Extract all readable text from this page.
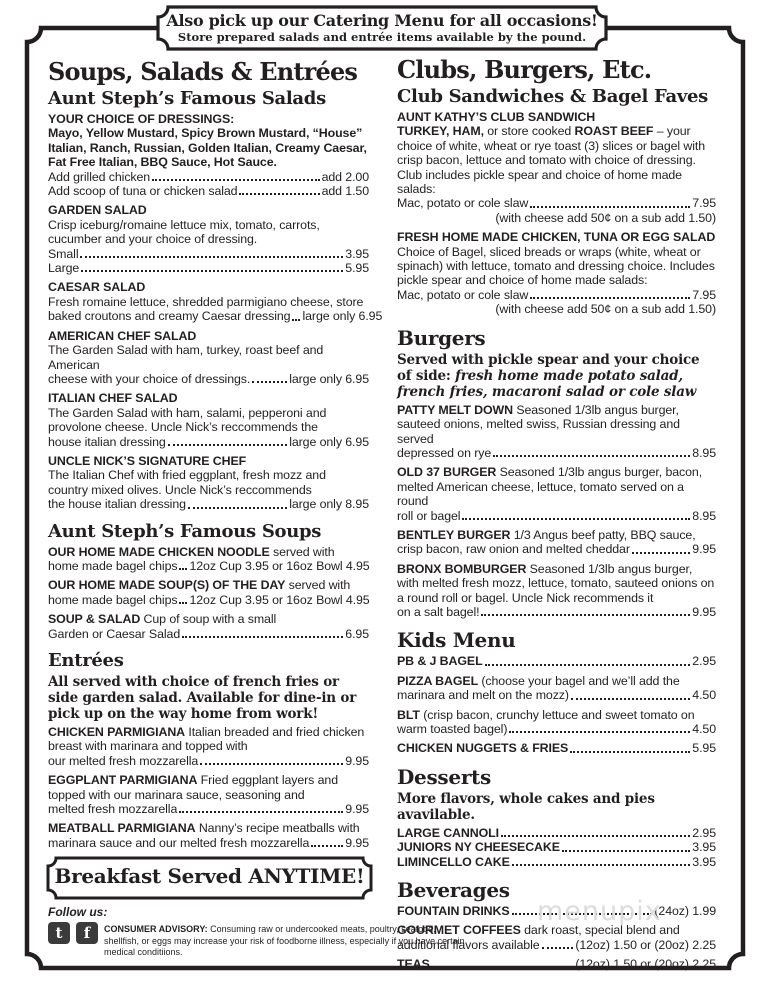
Also pick up our Catering Menu for all occasions!
Store prepared salads and entrée items available by the pound.
Soups, Salads & Entrées
Aunt Steph’s Famous Salads

YOUR CHOICE OF DRESSINGS:

Mayo, Yellow Mustard, Spicy Brown Mustard, “House” Italian, Ranch, Russian, Golden Italian, Creamy Caesar, Fat Free Italian, BBQ Sauce, Hot Sauce.

Add grilled chicken	add 2.00
Add scoop of tuna or chicken salad	add 1.50

GARDEN SALAD
Crisp iceburg/romaine lettuce mix, tomato, carrots, cucumber and your choice of dressing.

Small	3.95
Large	5.95

CAESAR SALAD
Fresh romaine lettuce, shredded parmigiano cheese, store

baked croutons and creamy Caesar dressing large only 6.95

AMERICAN CHEF SALAD
The Garden Salad with ham, turkey, roast beef and American

cheese with your choice of dressings.	large only 6.95

ITALIAN CHEF SALAD
The Garden Salad with ham, salami, pepperoni and provolone cheese. Uncle Nick’s reccommends the

house italian dressing	large only 6.95

UNCLE NICK’S SIGNATURE CHEF
The Italian Chef with fried eggplant, fresh mozz and country mixed olives. Uncle Nick’s reccommends

the house italian dressing	large only 8.95
Aunt Steph’s Famous Soups

OUR HOME MADE CHICKEN NOODLE served with

home made bagel chips 12oz Cup 3.95 or 16oz Bowl 4.95

OUR HOME MADE SOUP(S) OF THE DAY served with

home made bagel chips 12oz Cup 3.95 or 16oz Bowl 4.95

SOUP & SALAD Cup of soup with a small

Garden or Caesar Salad	6.95
Entrées

All served with choice of french fries or side garden salad. Available for dine-in or pick up on the way home from work!

CHICKEN PARMIGIANA Italian breaded and fried chicken breast with marinara and topped with

our melted fresh mozzarella	9.95

EGGPLANT PARMIGIANA Fried eggplant layers and topped with our marinara sauce, seasoning and

melted fresh mozzarella	9.95

MEATBALL PARMIGIANA Nanny’s recipe meatballs with

marinara sauce and our melted fresh mozzarella	9.95
Clubs, Burgers, Etc.
Club Sandwiches & Bagel Faves

AUNT KATHY’S CLUB SANDWICH

TURKEY, HAM, or store cooked ROAST BEEF – your choice of white, wheat or rye toast (3) slices or bagel with crisp bacon, lettuce and tomato with choice of dressing. Club includes pickle spear and choice of home made salads:

Mac, potato or cole slaw	7.95

(with cheese add 50¢ on a sub add 1.50)

FRESH HOME MADE CHICKEN, TUNA OR EGG SALAD Choice of Bagel, sliced breads or wraps (white, wheat or spinach) with lettuce, tomato and dressing choice. Includes pickle spear and choice of home made salads:

Mac, potato or cole slaw	7.95

(with cheese add 50¢ on a sub add 1.50)

Burgers

Served with pickle spear and your choice of side: fresh home made potato salad, french fries, macaroni salad or cole slaw

PATTY MELT DOWN Seasoned 1/3lb angus burger, sauteed onions, melted swiss, Russian dressing and served

depressed on rye	8.95

OLD 37 BURGER Seasoned 1/3lb angus burger, bacon, melted American cheese, lettuce, tomato served on a round

roll or bagel	8.95

BENTLEY BURGER 1/3 Angus beef patty, BBQ sauce,

crisp bacon, raw onion and melted cheddar	9.95

BRONX BOMBURGER Seasoned 1/3lb angus burger, with melted fresh mozz, lettuce, tomato, sauteed onions on a round roll or bagel. Uncle Nick recommends it

on a salt bagel!	9.95
Kids Menu
PB & J BAGEL	2.95

PIZZA BAGEL (choose your bagel and we’ll add the

marinara and melt on the mozz)	4.50

BLT (crisp bacon, crunchy lettuce and sweet tomato on

warm toasted bagel)	4.50
CHICKEN NUGGETS & FRIES	5.95
Desserts

More flavors, whole cakes and pies avavilable.

LARGE CANNOLI	2.95
JUNIORS NY CHEESECAKE	3.95
LIMINCELLO CAKE	3.95
Beverages
FOUNTAIN DRINKS	(24oz) 1.99

GOURMET COFFEES dark roast, special blend and

additional flavors available	(12oz) 1.50 or (20oz) 2.25
TEAS	(12oz) 1.50 or (20oz) 2.25
Breakfast Served ANYTIME!
Follow us:
t	f	CONSUMER ADVISORY: Consuming raw or undercooked meats, poultry, seafood, shellfish, or eggs may increase your risk of foodborne illness, especially if you have certain medical conditiions.
menupix
